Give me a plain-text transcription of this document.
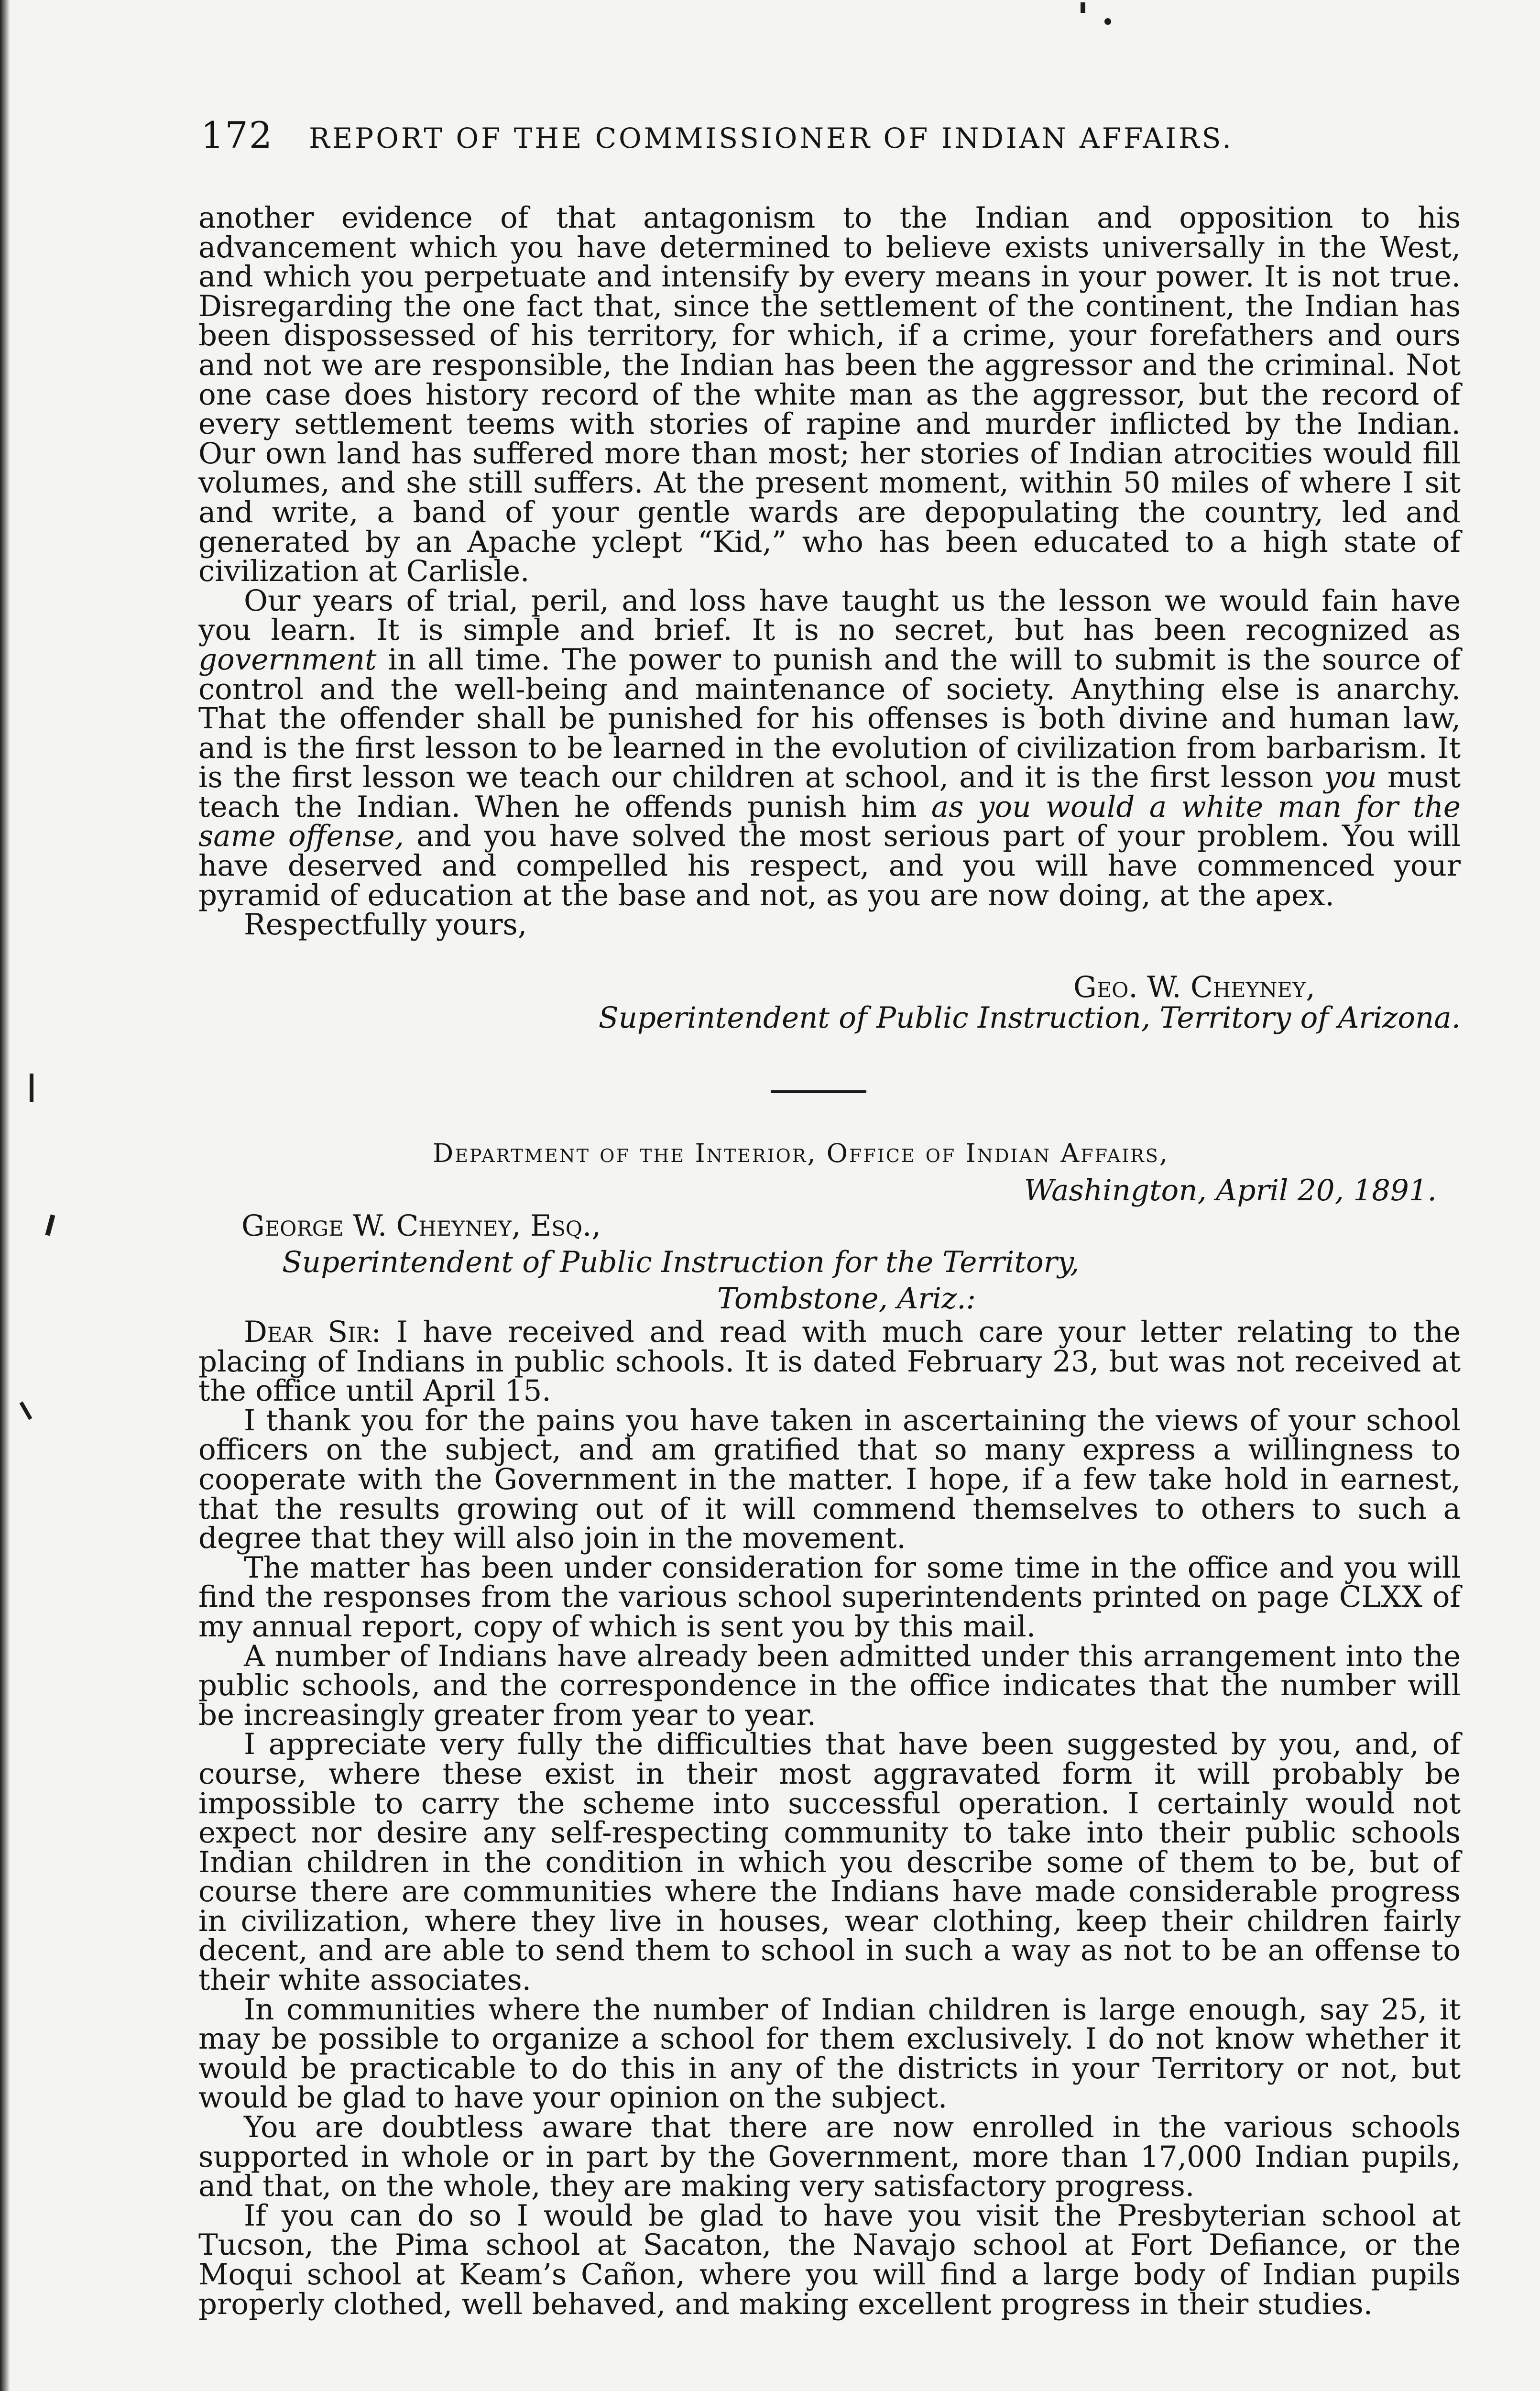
172 REPORT OF THE COMMISSIONER OF INDIAN AFFAIRS.

another evidence of that antagonism to the Indian and opposition to his advancement which you have determined to believe exists universally in the West, and which you perpetuate and intensify by every means in your power. It is not true. Disregarding the one fact that, since the settlement of the continent, the Indian has been dispossessed of his territory, for which, if a crime, your forefathers and ours and not we are responsible, the Indian has been the aggressor and the criminal. Not one case does history record of the white man as the aggressor, but the record of every settlement teems with stories of rapine and murder inflicted by the Indian. Our own land has suffered more than most; her stories of Indian atrocities would fill volumes, and she still suffers. At the present moment, within 50 miles of where I sit and write, a band of your gentle wards are depopulating the country, led and generated by an Apache yclept “Kid,” who has been educated to a high state of civilization at Carlisle.

Our years of trial, peril, and loss have taught us the lesson we would fain have you learn. It is simple and brief. It is no secret, but has been recognized as government in all time. The power to punish and the will to submit is the source of control and the well-being and maintenance of society. Anything else is anarchy. That the offender shall be punished for his offenses is both divine and human law, and is the first lesson to be learned in the evolution of civilization from barbarism. It is the first lesson we teach our children at school, and it is the first lesson you must teach the Indian. When he offends punish him as you would a white man for the same offense, and you have solved the most serious part of your problem. You will have deserved and compelled his respect, and you will have commenced your pyramid of education at the base and not, as you are now doing, at the apex.

Respectfully yours,

Geo. W. Cheyney,
Superintendent of Public Instruction, Territory of Arizona.
Department of the Interior, Office of Indian Affairs,
Washington, April 20, 1891.
George W. Cheyney, Esq.,
Superintendent of Public Instruction for the Territory,
Tombstone, Ariz.:

Dear Sir: I have received and read with much care your letter relating to the placing of Indians in public schools. It is dated February 23, but was not received at the office until April 15.

I thank you for the pains you have taken in ascertaining the views of your school officers on the subject, and am gratified that so many express a willingness to cooperate with the Government in the matter. I hope, if a few take hold in earnest, that the results growing out of it will commend themselves to others to such a degree that they will also join in the movement.

The matter has been under consideration for some time in the office and you will find the responses from the various school superintendents printed on page CLXX of my annual report, copy of which is sent you by this mail.

A number of Indians have already been admitted under this arrangement into the public schools, and the correspondence in the office indicates that the number will be increasingly greater from year to year.

I appreciate very fully the difficulties that have been suggested by you, and, of course, where these exist in their most aggravated form it will probably be impossible to carry the scheme into successful operation. I certainly would not expect nor desire any self-respecting community to take into their public schools Indian children in the condition in which you describe some of them to be, but of course there are communities where the Indians have made considerable progress in civilization, where they live in houses, wear clothing, keep their children fairly decent, and are able to send them to school in such a way as not to be an offense to their white associates.

In communities where the number of Indian children is large enough, say 25, it may be possible to organize a school for them exclusively. I do not know whether it would be practicable to do this in any of the districts in your Territory or not, but would be glad to have your opinion on the subject.

You are doubtless aware that there are now enrolled in the various schools supported in whole or in part by the Government, more than 17,000 Indian pupils, and that, on the whole, they are making very satisfactory progress.

If you can do so I would be glad to have you visit the Presbyterian school at Tucson, the Pima school at Sacaton, the Navajo school at Fort Defiance, or the Moqui school at Keam’s Cañon, where you will find a large body of Indian pupils properly clothed, well behaved, and making excellent progress in their studies.
